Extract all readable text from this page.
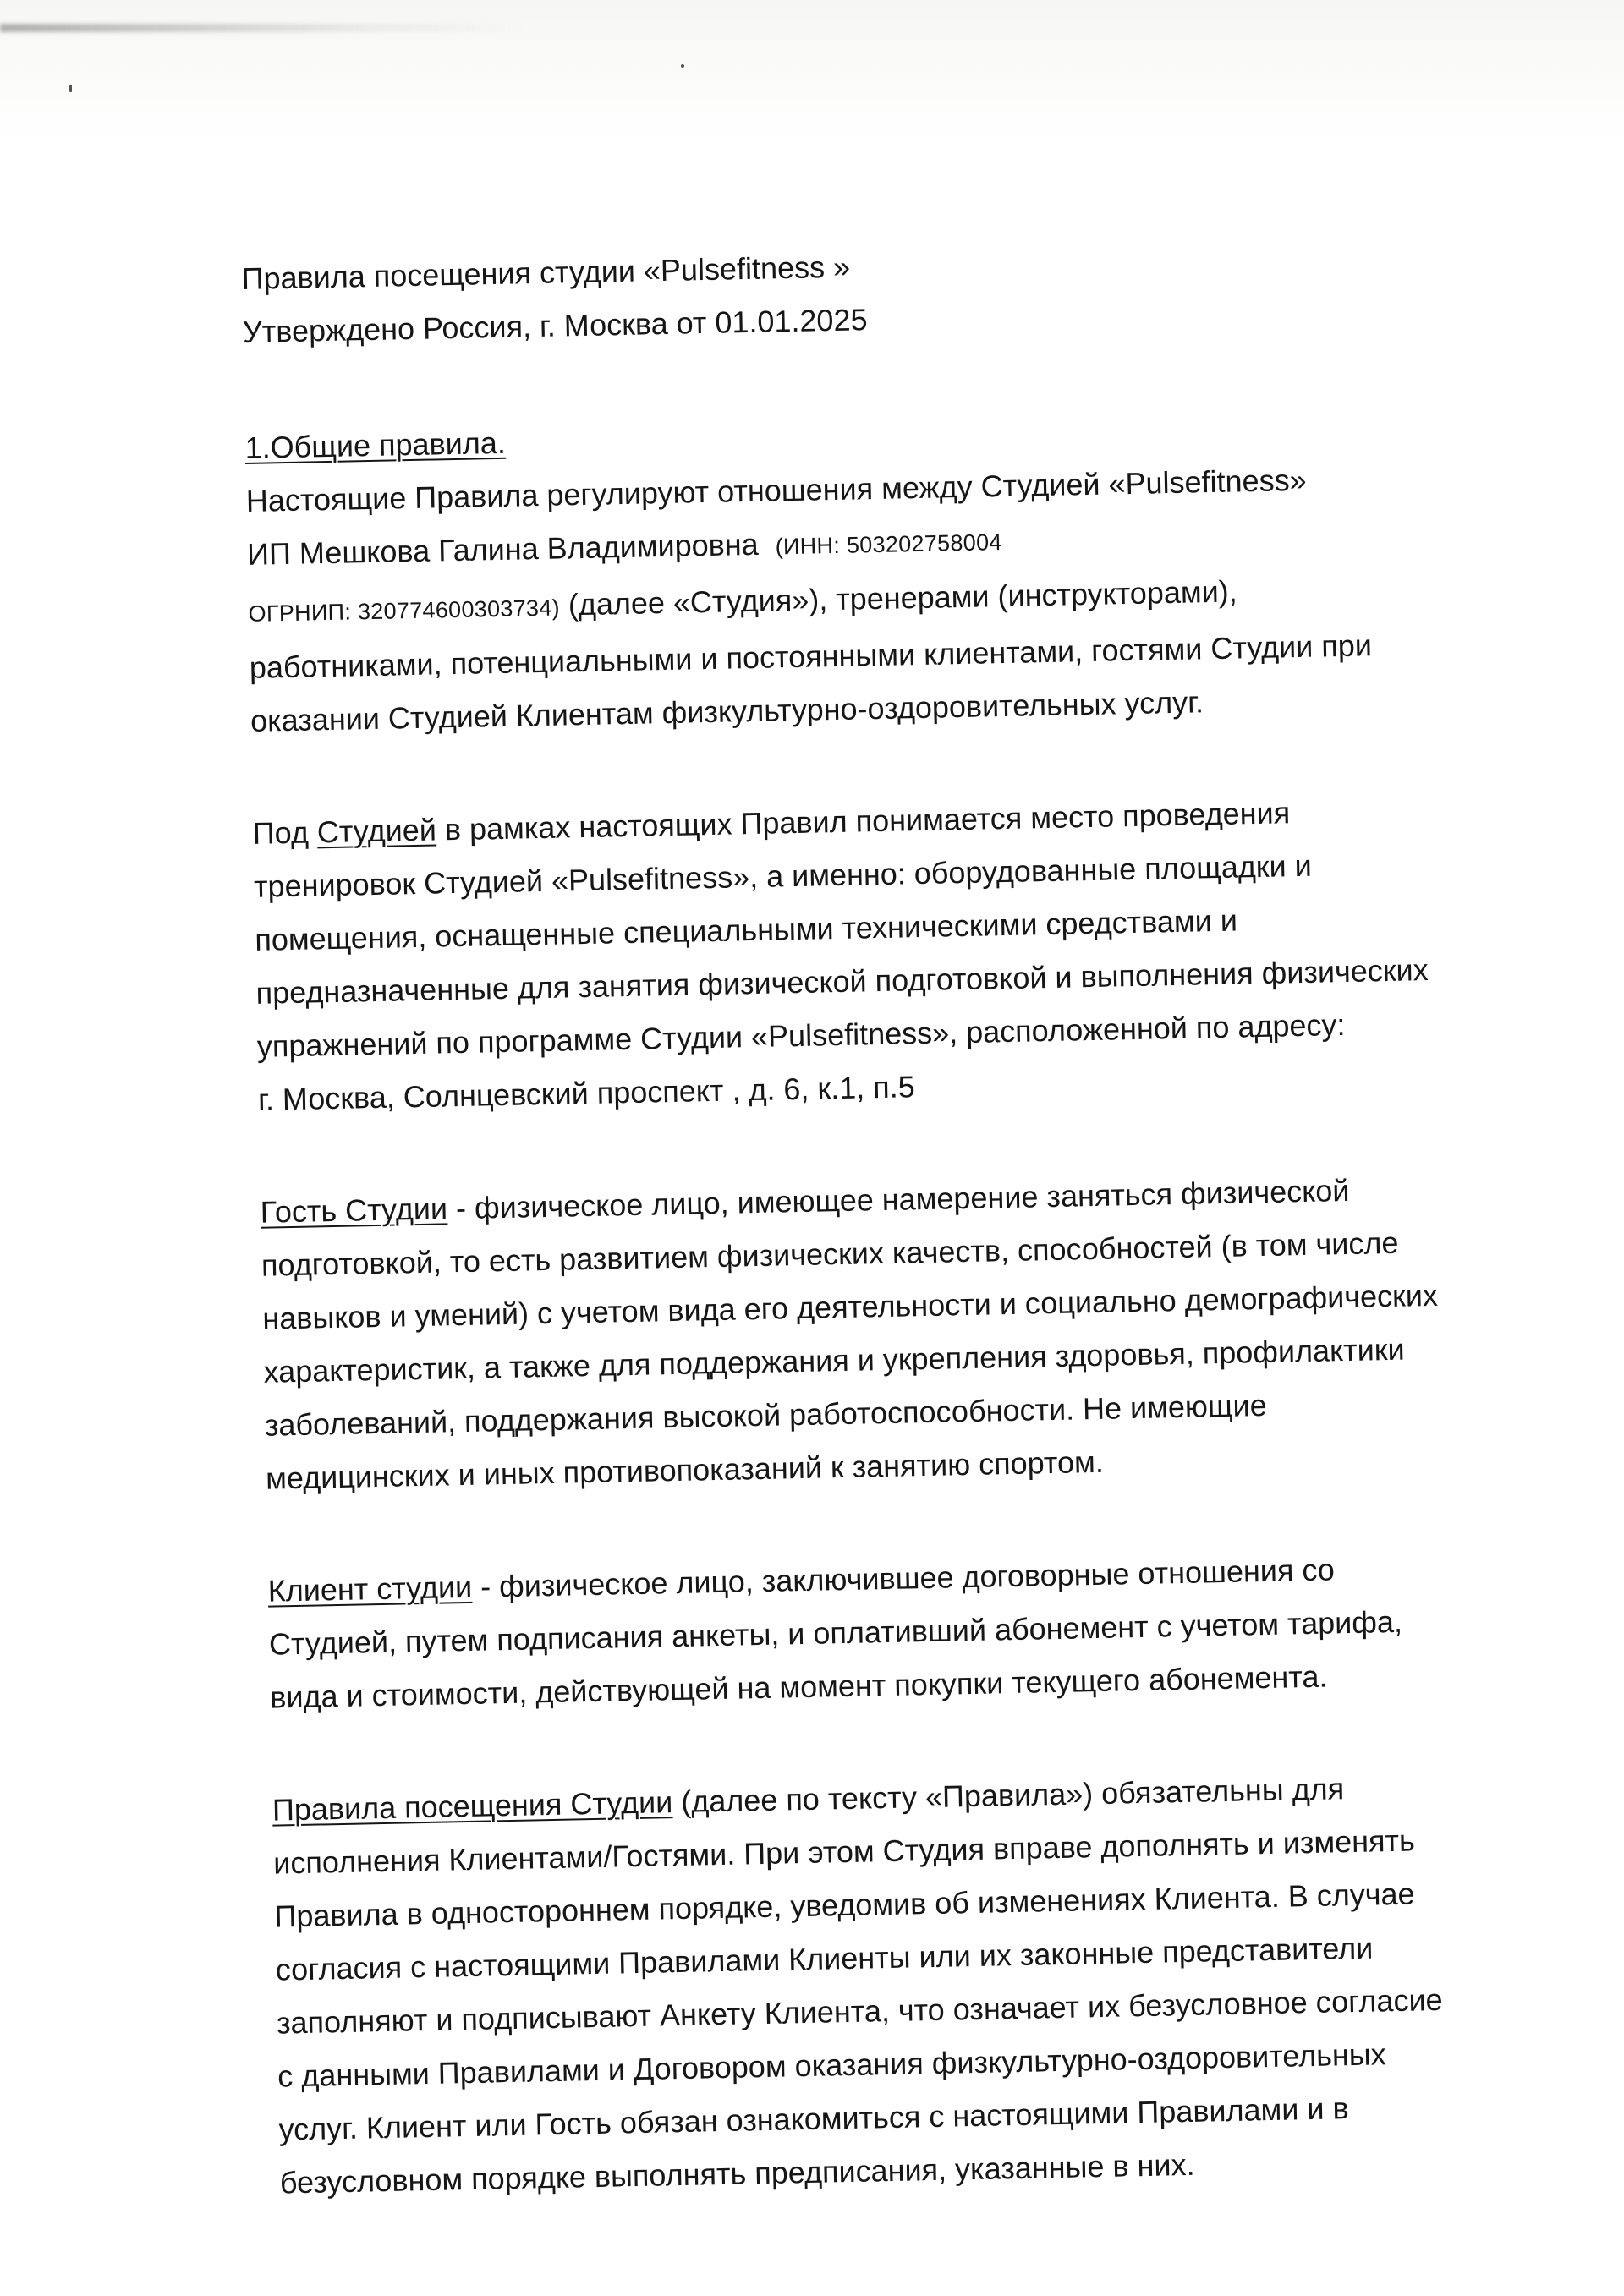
Правила посещения студии «Pulsefitness »

Утверждено Россия, г. Москва от 01.01.2025

1.Общие правила.

Настоящие Правила регулируют отношения между Студией «Pulsefitness»

ИП Мешкова Галина Владимировна (ИНН: 503202758004

ОГРНИП: 320774600303734) (далее «Студия»), тренерами (инструкторами),

работниками, потенциальными и постоянными клиентами, гостями Студии при

оказании Студией Клиентам физкультурно-оздоровительных услуг.

Под Студией в рамках настоящих Правил понимается место проведения

тренировок Студией «Pulsefitness», а именно: оборудованные площадки и

помещения, оснащенные специальными техническими средствами и

предназначенные для занятия физической подготовкой и выполнения физических

упражнений по программе Студии «Pulsefitness», расположенной по адресу:

г. Москва, Солнцевский проспект , д. 6, к.1, п.5

Гость Студии - физическое лицо, имеющее намерение заняться физической

подготовкой, то есть развитием физических качеств, способностей (в том числе

навыков и умений) с учетом вида его деятельности и социально демографических

характеристик, а также для поддержания и укрепления здоровья, профилактики

заболеваний, поддержания высокой работоспособности. Не имеющие

медицинских и иных противопоказаний к занятию спортом.

Клиент студии - физическое лицо, заключившее договорные отношения со

Студией, путем подписания анкеты, и оплативший абонемент с учетом тарифа,

вида и стоимости, действующей на момент покупки текущего абонемента.

Правила посещения Студии (далее по тексту «Правила») обязательны для

исполнения Клиентами/Гостями. При этом Студия вправе дополнять и изменять

Правила в одностороннем порядке, уведомив об изменениях Клиента. В случае

согласия с настоящими Правилами Клиенты или их законные представители

заполняют и подписывают Анкету Клиента, что означает их безусловное согласие

с данными Правилами и Договором оказания физкультурно-оздоровительных

услуг. Клиент или Гость обязан ознакомиться с настоящими Правилами и в

безусловном порядке выполнять предписания, указанные в них.
